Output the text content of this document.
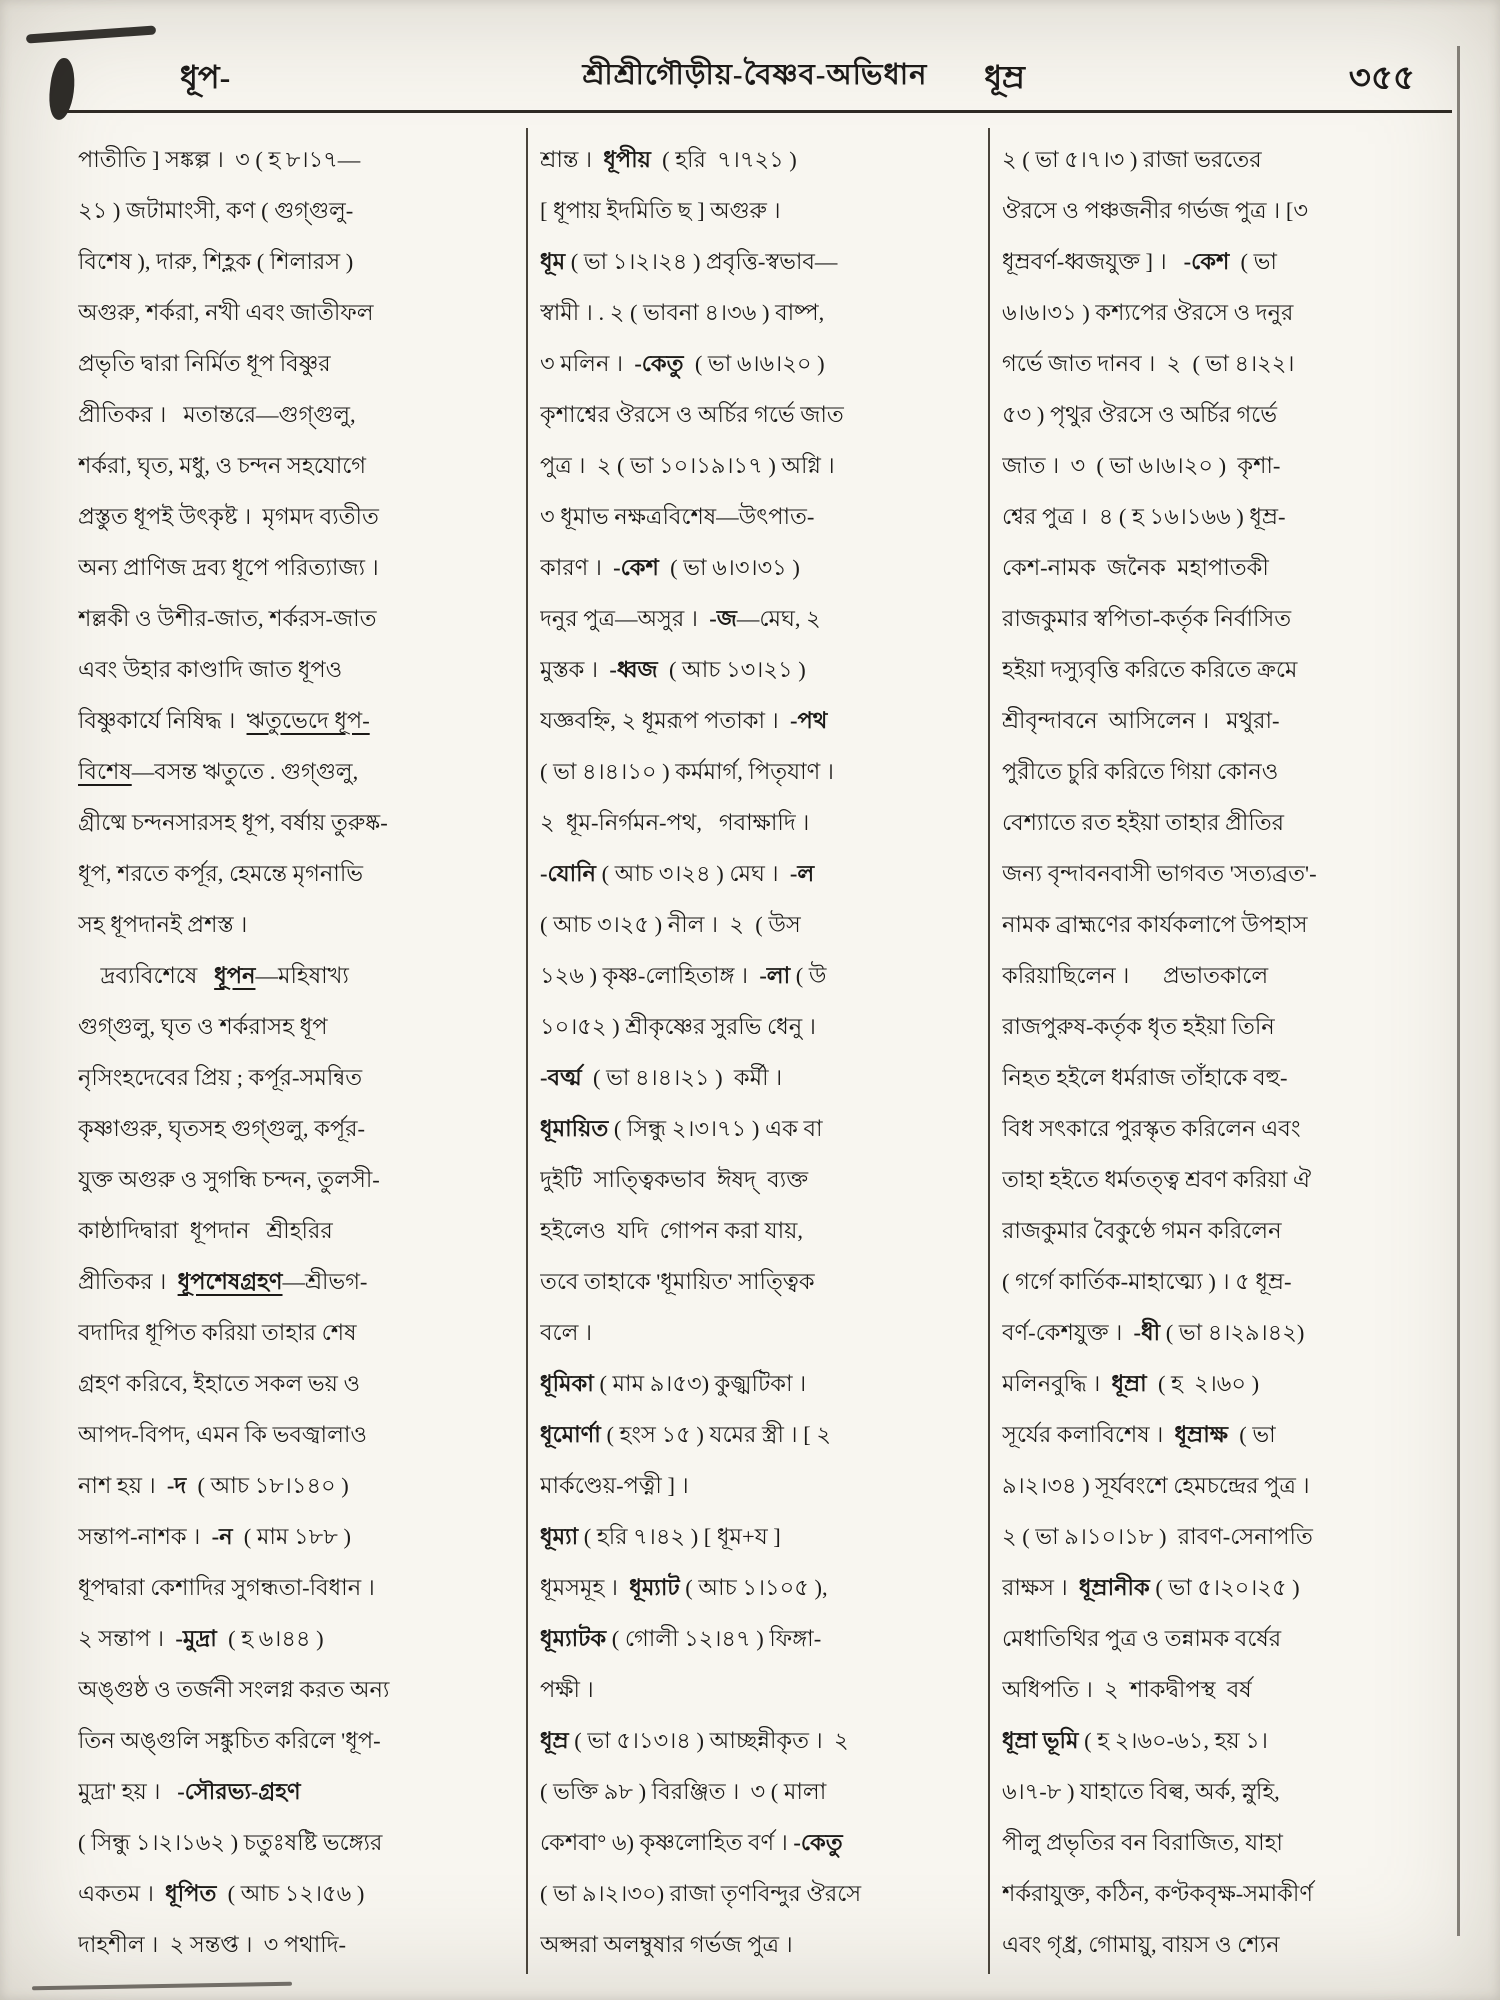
ধূপ-	শ্রীশ্রীগৌড়ীয়-বৈষ্ণব-অভিধান ধূম্র	৩৫৫
পাতীতি ] সঙ্কল্প ।  ৩ ( হ ৮।১৭—
২১ ) জটামাংসী, কণ ( গুগ্‌গুলু-
বিশেষ ), দারু, শিহ্লক ( শিলারস )
অগুরু, শর্করা, নখী এবং জাতীফল
প্রভৃতি দ্বারা নির্মিত ধূপ বিষ্ণুর
প্রীতিকর ।   মতান্তরে—গুগ্‌গুলু,
শর্করা, ঘৃত, মধু, ও চন্দন সহযোগে
প্রস্তুত ধূপই উৎকৃষ্ট ।  মৃগমদ ব্যতীত
অন্য প্রাণিজ দ্রব্য ধূপে পরিত্যাজ্য ।
শল্লকী ও উশীর-জাত, শর্করস-জাত
এবং উহার কাণ্ডাদি জাত ধূপও
বিষ্ণুকার্যে নিষিদ্ধ ।  ঋতুভেদে ধূপ-
বিশেষ—বসন্ত ঋতুতে . গুগ্‌গুলু,
গ্রীষ্মে চন্দনসারসহ ধূপ, বর্ষায় তুরুষ্ক-
ধূপ, শরতে কর্পূর, হেমন্তে মৃগনাভি
সহ ধূপদানই প্রশস্ত ।
 দ্রব্যবিশেষে   ধূপন—মহিষাখ্য
গুগ্‌গুলু, ঘৃত ও শর্করাসহ ধূপ
নৃসিংহদেবের প্রিয় ; কর্পূর-সমন্বিত
কৃষ্ণাগুরু, ঘৃতসহ গুগ্‌গুলু, কর্পূর-
যুক্ত অগুরু ও সুগন্ধি চন্দন, তুলসী-
কাষ্ঠাদিদ্বারা  ধূপদান   শ্রীহরির
প্রীতিকর ।  ধূপশেষগ্রহণ—শ্রীভগ-
বদাদির ধূপিত করিয়া তাহার শেষ
গ্রহণ করিবে, ইহাতে সকল ভয় ও
আপদ-বিপদ, এমন কি ভবজ্বালাও
নাশ হয় ।  -দ  ( আচ ১৮।১৪০ )
সন্তাপ-নাশক ।  -ন  ( মাম ১৮৮ )
ধূপদ্বারা কেশাদির সুগন্ধতা-বিধান ।
২ সন্তাপ ।  -মুদ্রা  ( হ ৬।৪৪ )
অঙ্গুষ্ঠ ও তর্জনী সংলগ্ন করত অন্য
তিন অঙ্গুলি সঙ্কুচিত করিলে 'ধূপ-
মুদ্রা' হয় ।   -সৌরভ্য-গ্রহণ
( সিন্ধু ১।২।১৬২ ) চতুঃষষ্টি ভঙ্গ্যের
একতম ।  ধূপিত  ( আচ ১২।৫৬ )
দাহশীল ।  ২ সন্তপ্ত ।  ৩ পথাদি-
শ্রান্ত ।  ধূপীয়  ( হরি  ৭।৭২১ )
[ ধূপায় ইদমিতি ছ ] অগুরু ।
ধূম ( ভা ১।২।২৪ ) প্রবৃত্তি-স্বভাব—
স্বামী । . ২ ( ভাবনা ৪।৩৬ ) বাষ্প,
৩ মলিন ।  -কেতু  ( ভা ৬।৬।২০ )
কৃশাশ্বের ঔরসে ও অর্চির গর্ভে জাত
পুত্র ।  ২ ( ভা ১০।১৯।১৭ ) অগ্নি ।
৩ ধূমাভ নক্ষত্রবিশেষ—উৎপাত-
কারণ ।  -কেশ  ( ভা ৬।৩।৩১ )
দনুর পুত্র—অসুর ।  -জ—মেঘ, ২
মুস্তক ।  -ধ্বজ  ( আচ ১৩।২১ )
যজ্ঞবহ্নি, ২ ধূমরূপ পতাকা ।  -পথ
( ভা ৪।৪।১০ ) কর্মমার্গ, পিতৃযাণ ।
২  ধূম-নির্গমন-পথ,   গবাক্ষাদি ।
-যোনি ( আচ ৩।২৪ ) মেঘ ।  -ল
( আচ ৩।২৫ ) নীল ।  ২  ( উস
১২৬ ) কৃষ্ণ-লোহিতাঙ্গ ।  -লা ( উ
১০।৫২ ) শ্রীকৃষ্ণের সুরভি ধেনু ।
-বর্ত্ম  ( ভা ৪।৪।২১ )  কর্মী ।
ধূমায়িত ( সিন্ধু ২।৩।৭১ ) এক বা
দুইটি  সাত্ত্বিকভাব  ঈষদ্‌  ব্যক্ত
হইলেও  যদি  গোপন করা যায়,
তবে তাহাকে 'ধূমায়িত' সাত্ত্বিক
বলে ।
ধূমিকা ( মাম ৯।৫৩) কুজ্ঝটিকা ।
ধূমোর্ণা ( হংস ১৫ ) যমের স্ত্রী । [ ২
মার্কণ্ডেয়-পত্নী ] ।
ধূম্যা ( হরি ৭।৪২ ) [ ধূম+য ]
ধূমসমূহ ।  ধূম্যাট ( আচ ১।১০৫ ),
ধূম্যাটক ( গোলী ১২।৪৭ ) ফিঙ্গা-
পক্ষী ।
ধূম্র ( ভা ৫।১৩।৪ ) আচ্ছন্নীকৃত ।  ২
( ভক্তি ৯৮ ) বিরঞ্জিত ।  ৩ ( মালা
কেশবা° ৬) কৃষ্ণলোহিত বর্ণ । -কেতু
( ভা ৯।২।৩০) রাজা তৃণবিন্দুর ঔরসে
অপ্সরা অলম্বুষার গর্ভজ পুত্র ।
২ ( ভা ৫।৭।৩ ) রাজা ভরতের
ঔরসে ও পঞ্চজনীর গর্ভজ পুত্র । [৩
ধূম্রবর্ণ-ধ্বজযুক্ত ] ।   -কেশ  ( ভা
৬।৬।৩১ ) কশ্যপের ঔরসে ও দনুর
গর্ভে জাত দানব ।  ২  ( ভা ৪।২২।
৫৩ ) পৃথুর ঔরসে ও অর্চির গর্ভে
জাত ।  ৩  ( ভা ৬।৬।২০ )  কৃশা-
শ্বের পুত্র ।  ৪ ( হ ১৬।১৬৬ ) ধূম্র-
কেশ-নামক  জনৈক  মহাপাতকী
রাজকুমার স্বপিতা-কর্তৃক নির্বাসিত
হইয়া দস্যুবৃত্তি করিতে করিতে ক্রমে
শ্রীবৃন্দাবনে  আসিলেন ।   মথুরা-
পুরীতে চুরি করিতে গিয়া কোনও
বেশ্যাতে রত হইয়া তাহার প্রীতির
জন্য বৃন্দাবনবাসী ভাগবত 'সত্যব্রত'-
নামক ব্রাহ্মণের কার্যকলাপে উপহাস
করিয়াছিলেন ।      প্রভাতকালে
রাজপুরুষ-কর্তৃক ধৃত হইয়া তিনি
নিহত হইলে ধর্মরাজ তাঁহাকে বহু-
বিধ সৎকারে পুরস্কৃত করিলেন এবং
তাহা হইতে ধর্মতত্ত্ব শ্রবণ করিয়া ঐ
রাজকুমার বৈকুণ্ঠে গমন করিলেন
( গর্গে কার্তিক-মাহাত্ম্যে ) । ৫ ধূম্র-
বর্ণ-কেশযুক্ত ।  -ধী ( ভা ৪।২৯।৪২)
মলিনবুদ্ধি ।  ধূম্রা  ( হ  ২।৬০ )
সূর্যের কলাবিশেষ ।  ধূম্রাক্ষ  ( ভা
৯।২।৩৪ ) সূর্যবংশে হেমচন্দ্রের পুত্র ।
২ ( ভা ৯।১০।১৮ )  রাবণ-সেনাপতি
রাক্ষস ।  ধূম্রানীক ( ভা ৫।২০।২৫ )
মেধাতিথির পুত্র ও তন্নামক বর্ষের
অধিপতি ।  ২  শাকদ্বীপস্থ  বর্ষ
ধূম্রা ভূমি ( হ ২।৬০-৬১, হয় ১।
৬।৭-৮ ) যাহাতে বিল্ব, অর্ক, স্নুহি,
পীলু প্রভৃতির বন বিরাজিত, যাহা
শর্করাযুক্ত, কঠিন, কণ্টকবৃক্ষ-সমাকীর্ণ
এবং গৃধ্র, গোমায়ু, বায়স ও শ্যেন
